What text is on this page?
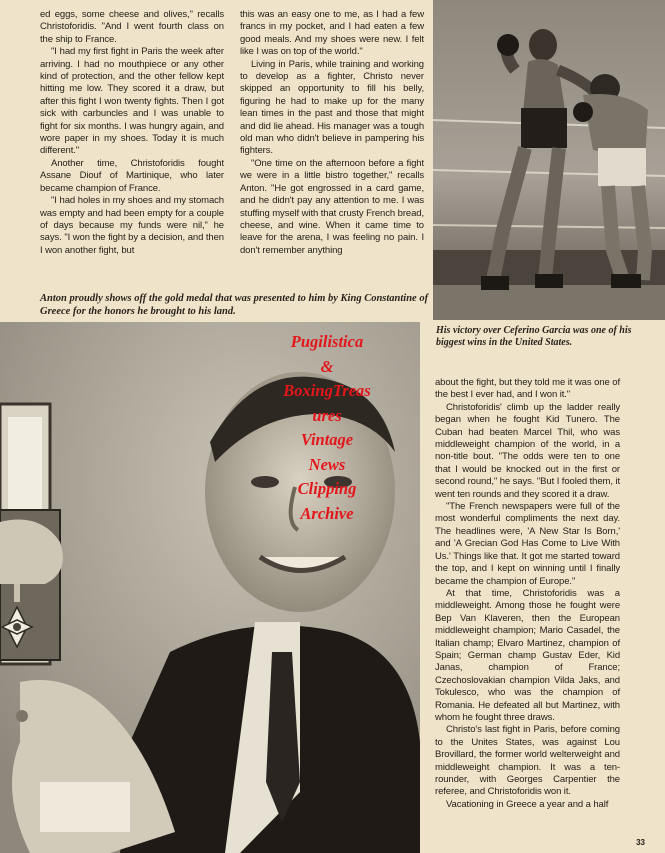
ed eggs, some cheese and olives," recalls Christoforidis. "And I went fourth class on the ship to France.

"I had my first fight in Paris the week after arriving. I had no mouthpiece or any other kind of protection, and the other fellow kept hitting me low. They scored it a draw, but after this fight I won twenty fights. Then I got sick with carbuncles and I was unable to fight for six months. I was hungry again, and wore paper in my shoes. Today it is much different."

Another time, Christoforidis fought Assane Diouf of Martinique, who later became champion of France.

"I had holes in my shoes and my stomach was empty and had been empty for a couple of days because my funds were nil," he says. "I won the fight by a decision, and then I won another fight, but

this was an easy one to me, as I had a few francs in my pocket, and I had eaten a few good meals. And my shoes were new. I felt like I was on top of the world."

Living in Paris, while training and working to develop as a fighter, Christo never skipped an opportunity to fill his belly, figuring he had to make up for the many lean times in the past and those that might and did lie ahead. His manager was a tough old man who didn't believe in pampering his fighters.

"One time on the afternoon before a fight we were in a little bistro together," recalls Anton. "He got engrossed in a card game, and he didn't pay any attention to me. I was stuffing myself with that crusty French bread, cheese, and wine. When it came time to leave for the arena, I was feeling no pain. I don't remember anything

Anton proudly shows off the gold medal that was presented to him by King Constantine of Greece for the honors he brought to his land.
His victory over Ceferino Garcia was one of his biggest wins in the United States.
Pugilistica
&
BoxingTreas
ures
Vintage
News
Clipping
Archive

about the fight, but they told me it was one of the best I ever had, and I won it."

Christoforidis' climb up the ladder really began when he fought Kid Tunero. The Cuban had beaten Marcel Thil, who was middleweight champion of the world, in a non-title bout. "The odds were ten to one that I would be knocked out in the first or second round," he says. "But I fooled them, it went ten rounds and they scored it a draw.

"The French newspapers were full of the most wonderful compliments the next day. The headlines were, 'A New Star Is Born,' and 'A Grecian God Has Come to Live With Us.' Things like that. It got me started toward the top, and I kept on winning until I finally became the champion of Europe."

At that time, Christoforidis was a middleweight. Among those he fought were Bep Van Klaveren, then the European middleweight champion; Mario Casadel, the Italian champ; Elvaro Martinez, champion of Spain; German champ Gustav Eder, Kid Janas, champion of France; Czechoslovakian champion Vilda Jaks, and Tokulesco, who was the champion of Romania. He defeated all but Martinez, with whom he fought three draws.

Christo's last fight in Paris, before coming to the Unites States, was against Lou Brovillard, the former world welterweight and middleweight champion. It was a ten-rounder, with Georges Carpentier the referee, and Christoforidis won it.

Vacationing in Greece a year and a half

33
